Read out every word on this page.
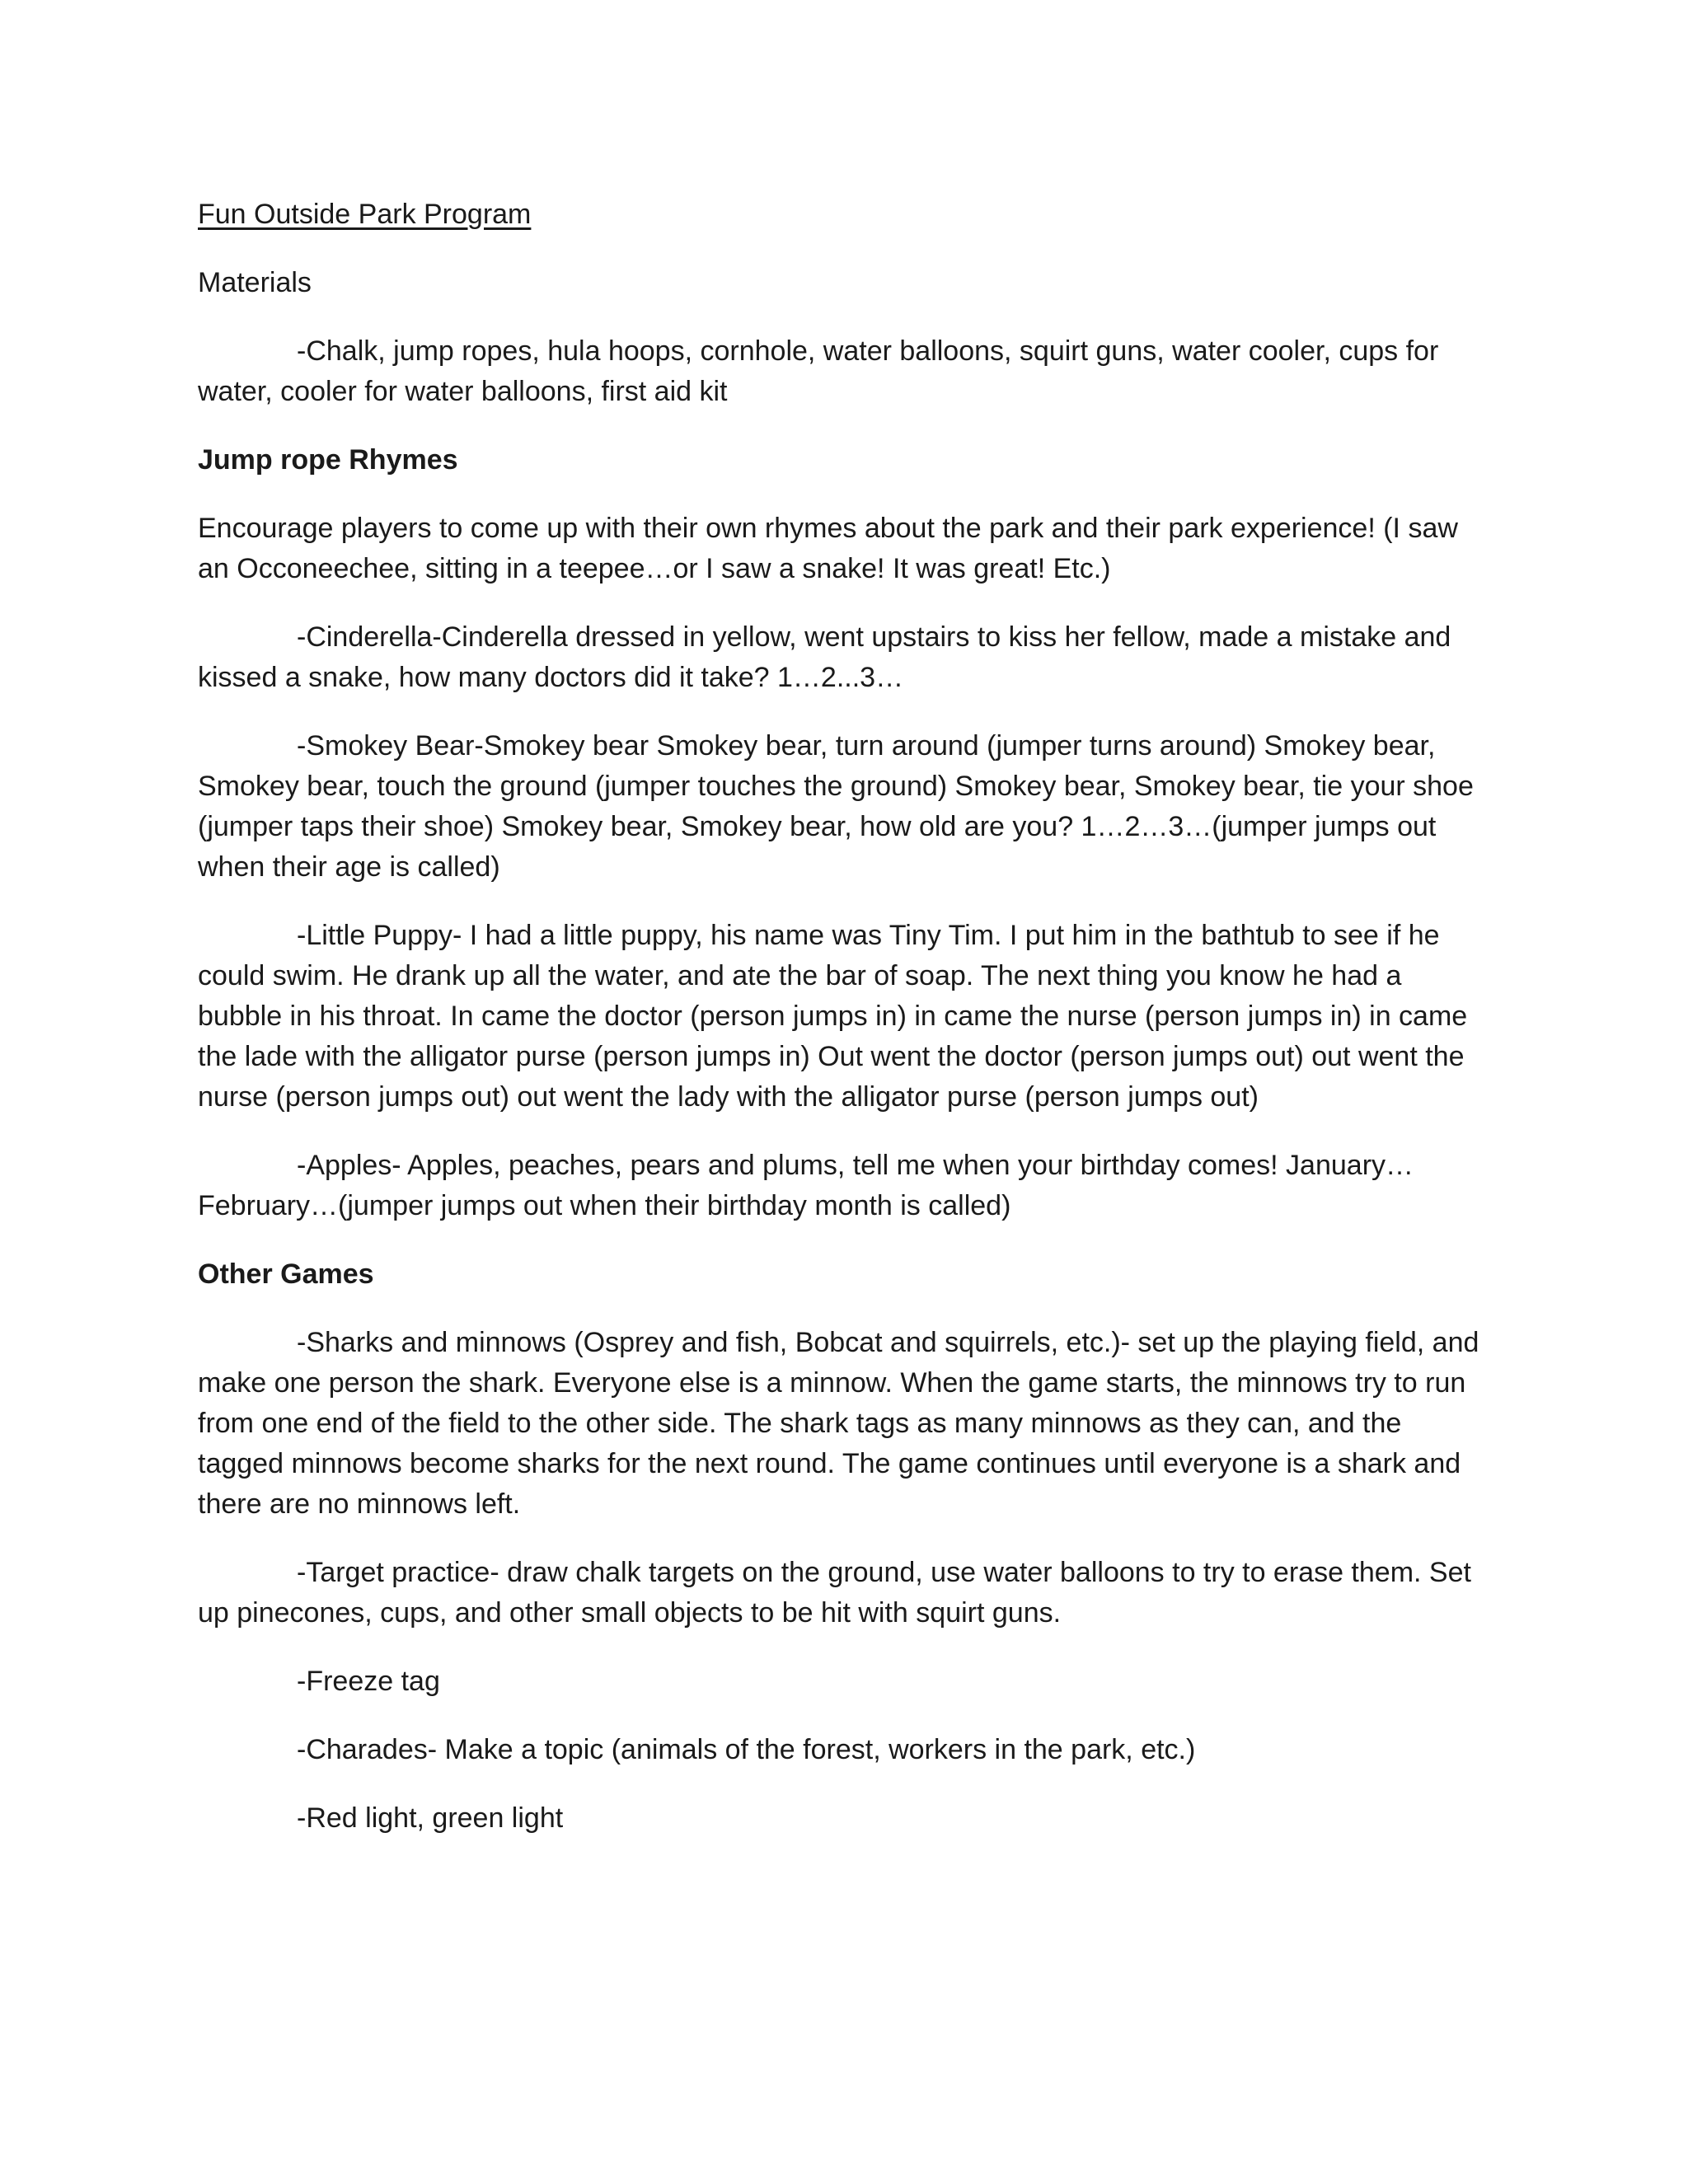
Fun Outside Park Program

Materials

-Chalk, jump ropes, hula hoops, cornhole, water balloons, squirt guns, water cooler, cups for water, cooler for water balloons, first aid kit

Jump rope Rhymes

Encourage players to come up with their own rhymes about the park and their park experience! (I saw an Occoneechee, sitting in a teepee…or I saw a snake! It was great! Etc.)

-Cinderella-Cinderella dressed in yellow, went upstairs to kiss her fellow, made a mistake and kissed a snake, how many doctors did it take? 1…2...3…

-Smokey Bear-Smokey bear Smokey bear, turn around (jumper turns around) Smokey bear, Smokey bear, touch the ground (jumper touches the ground) Smokey bear, Smokey bear, tie your shoe (jumper taps their shoe) Smokey bear, Smokey bear, how old are you? 1…2…3…(jumper jumps out when their age is called)

-Little Puppy- I had a little puppy, his name was Tiny Tim. I put him in the bathtub to see if he could swim. He drank up all the water, and ate the bar of soap. The next thing you know he had a bubble in his throat. In came the doctor (person jumps in) in came the nurse (person jumps in) in came the lade with the alligator purse (person jumps in) Out went the doctor (person jumps out) out went the nurse (person jumps out) out went the lady with the alligator purse (person jumps out)

-Apples- Apples, peaches, pears and plums, tell me when your birthday comes! January…February…(jumper jumps out when their birthday month is called)

Other Games

-Sharks and minnows (Osprey and fish, Bobcat and squirrels, etc.)- set up the playing field, and make one person the shark. Everyone else is a minnow. When the game starts, the minnows try to run from one end of the field to the other side. The shark tags as many minnows as they can, and the tagged minnows become sharks for the next round. The game continues until everyone is a shark and there are no minnows left.

-Target practice- draw chalk targets on the ground, use water balloons to try to erase them. Set up pinecones, cups, and other small objects to be hit with squirt guns.

-Freeze tag

-Charades- Make a topic (animals of the forest, workers in the park, etc.)

-Red light, green light
